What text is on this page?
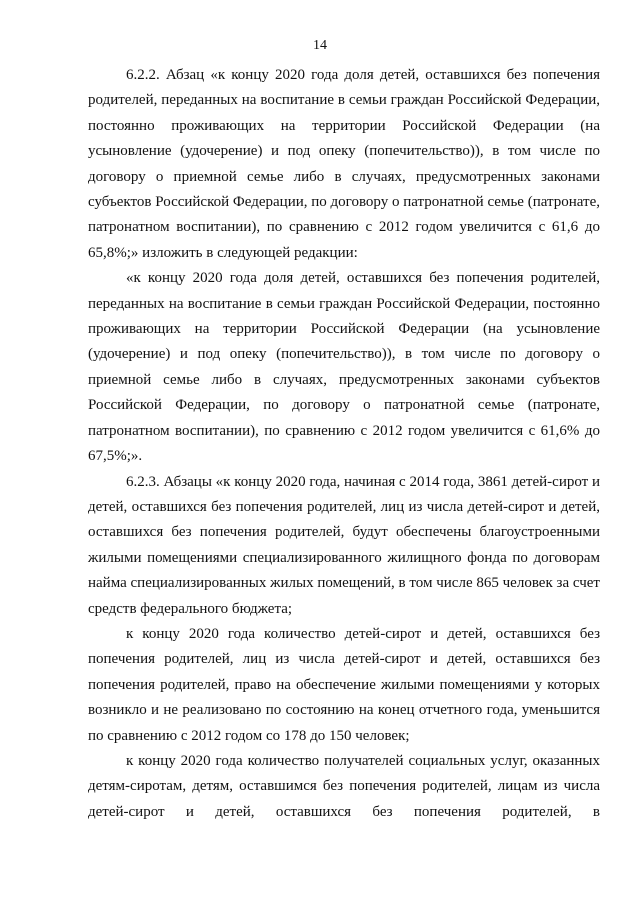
14

6.2.2. Абзац «к концу 2020 года доля детей, оставшихся без попечения родителей, переданных на воспитание в семьи граждан Российской Федерации, постоянно проживающих на территории Российской Федерации (на усыновление (удочерение) и под опеку (попечительство)), в том числе по договору о приемной семье либо в случаях, предусмотренных законами субъектов Российской Федерации, по договору о патронатной семье (патронате, патронатном воспитании), по сравнению с 2012 годом увеличится с 61,6 до 65,8%;» изложить в следующей редакции:

«к концу 2020 года доля детей, оставшихся без попечения родителей, переданных на воспитание в семьи граждан Российской Федерации, постоянно проживающих на территории Российской Федерации (на усыновление (удочерение) и под опеку (попечительство)), в том числе по договору о приемной семье либо в случаях, предусмотренных законами субъектов Российской Федерации, по договору о патронатной семье (патронате, патронатном воспитании), по сравнению с 2012 годом увеличится с 61,6% до 67,5%;».

6.2.3. Абзацы «к концу 2020 года, начиная с 2014 года, 3861 детей-сирот и детей, оставшихся без попечения родителей, лиц из числа детей-сирот и детей, оставшихся без попечения родителей, будут обеспечены благоустроенными жилыми помещениями специализированного жилищного фонда по договорам найма специализированных жилых помещений, в том числе 865 человек за счет средств федерального бюджета;

к концу 2020 года количество детей-сирот и детей, оставшихся без попечения родителей, лиц из числа детей-сирот и детей, оставшихся без попечения родителей, право на обеспечение жилыми помещениями у которых возникло и не реализовано по состоянию на конец отчетного года, уменьшится по сравнению с 2012 годом со 178 до 150 человек;

к концу 2020 года количество получателей социальных услуг, оказанных детям-сиротам, детям, оставшимся без попечения родителей, лицам из числа детей-сирот и детей, оставшихся без попечения родителей, в
